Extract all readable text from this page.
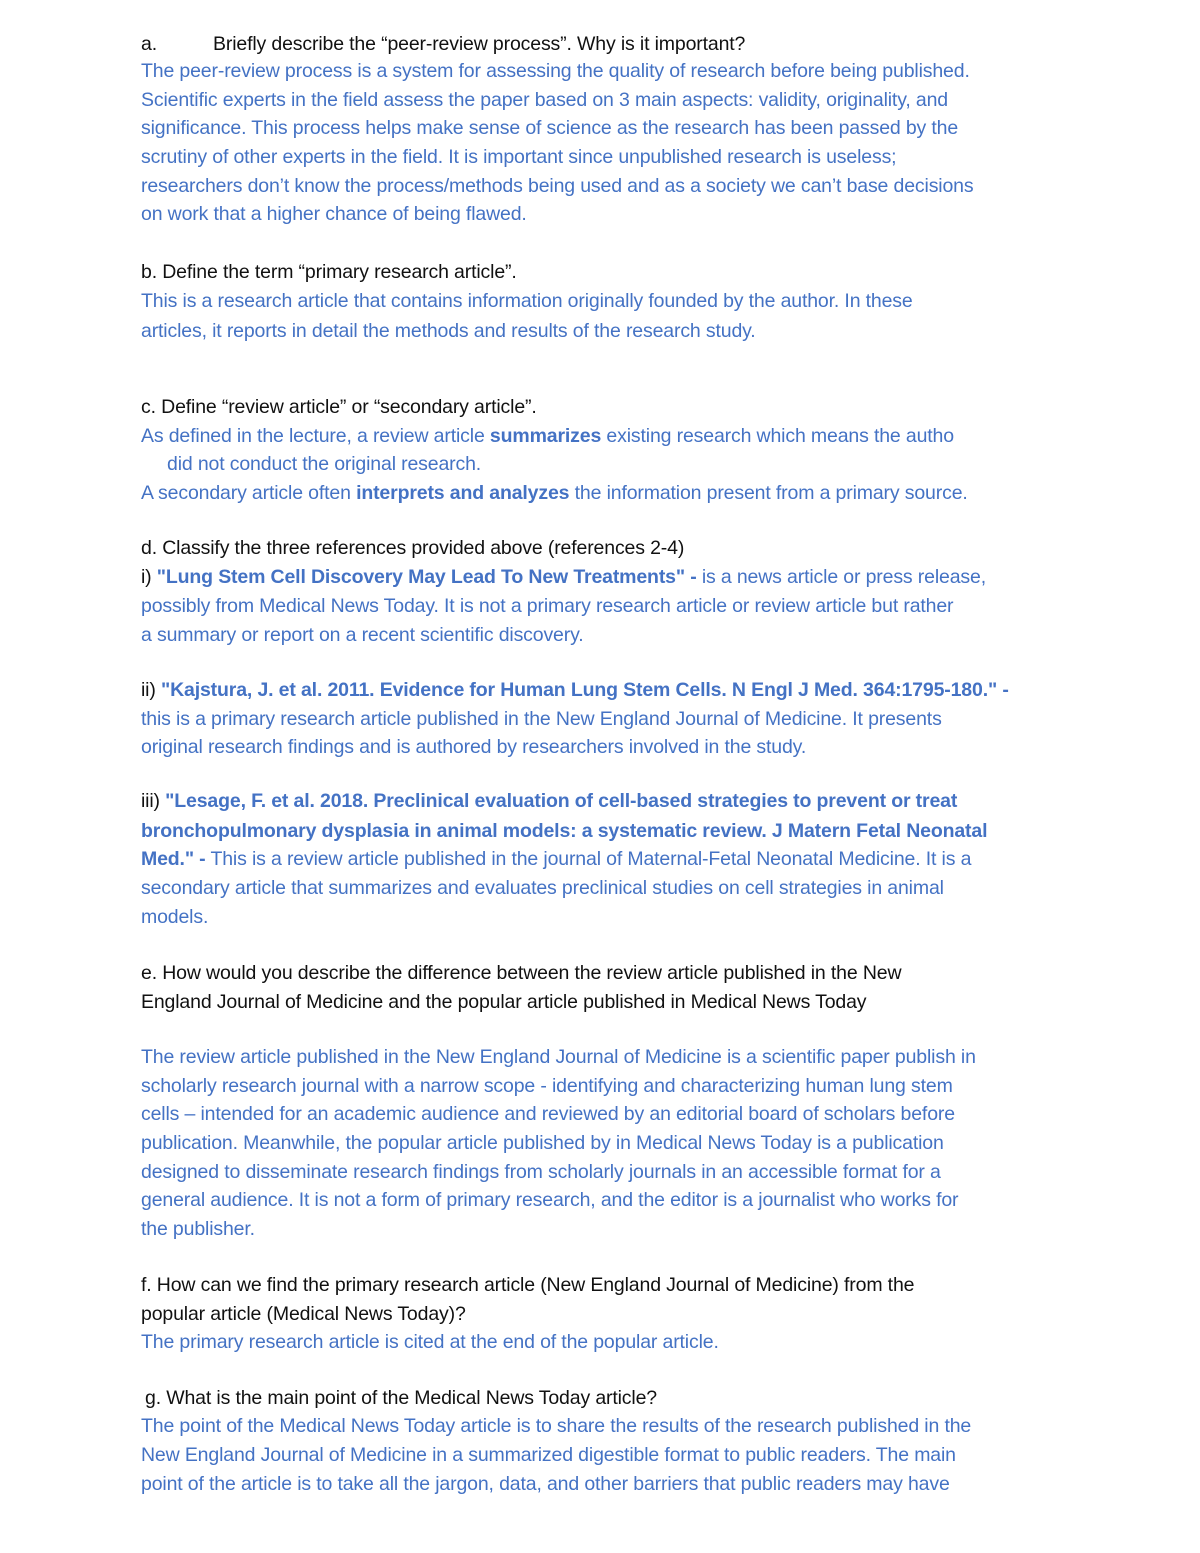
a.	Briefly describe the “peer-review process”. Why is it important?
The peer-review process is a system for assessing the quality of research before being published.
Scientific experts in the field assess the paper based on 3 main aspects: validity, originality, and
significance. This process helps make sense of science as the research has been passed by the
scrutiny of other experts in the field. It is important since unpublished research is useless;
researchers don’t know the process/methods being used and as a society we can’t base decisions
on work that a higher chance of being flawed.
b. Define the term “primary research article”.
This is a research article that contains information originally founded by the author. In these
articles, it reports in detail the methods and results of the research study.
c. Define “review article” or “secondary article”.
As defined in the lecture, a review article summarizes existing research which means the autho
did not conduct the original research.
A secondary article often interprets and analyzes the information present from a primary source.
d. Classify the three references provided above (references 2-4)
i) "Lung Stem Cell Discovery May Lead To New Treatments" - is a news article or press release,
possibly from Medical News Today. It is not a primary research article or review article but rather
a summary or report on a recent scientific discovery.
ii) "Kajstura, J. et al. 2011. Evidence for Human Lung Stem Cells. N Engl J Med. 364:1795-180." -
this is a primary research article published in the New England Journal of Medicine. It presents
original research findings and is authored by researchers involved in the study.
iii) "Lesage, F. et al. 2018. Preclinical evaluation of cell-based strategies to prevent or treat
bronchopulmonary dysplasia in animal models: a systematic review. J Matern Fetal Neonatal
Med." - This is a review article published in the journal of Maternal-Fetal Neonatal Medicine. It is a
secondary article that summarizes and evaluates preclinical studies on cell strategies in animal
models.
e. How would you describe the difference between the review article published in the New
England Journal of Medicine and the popular article published in Medical News Today
The review article published in the New England Journal of Medicine is a scientific paper publish in
scholarly research journal with a narrow scope - identifying and characterizing human lung stem
cells – intended for an academic audience and reviewed by an editorial board of scholars before
publication. Meanwhile, the popular article published by in Medical News Today is a publication
designed to disseminate research findings from scholarly journals in an accessible format for a
general audience. It is not a form of primary research, and the editor is a journalist who works for
the publisher.
f. How can we find the primary research article (New England Journal of Medicine) from the
popular article (Medical News Today)?
The primary research article is cited at the end of the popular article.
g. What is the main point of the Medical News Today article?
The point of the Medical News Today article is to share the results of the research published in the
New England Journal of Medicine in a summarized digestible format to public readers. The main
point of the article is to take all the jargon, data, and other barriers that public readers may have
